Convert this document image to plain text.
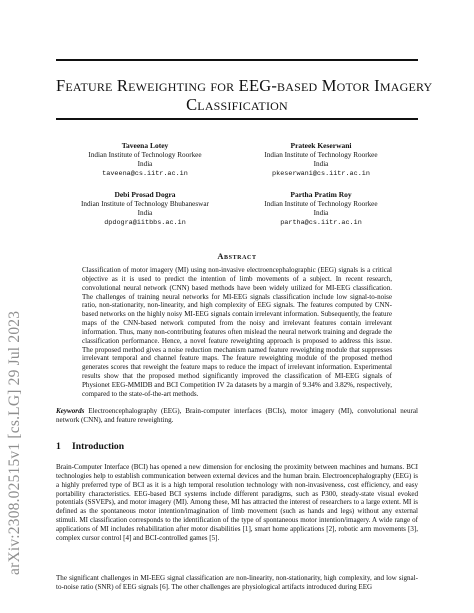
arXiv:2308.02515v1 [cs.LG] 29 Jul 2023
Feature Reweighting for EEG-based Motor Imagery
Classification
Taveena Lotey
Indian Institute of Technology Roorkee
India
taveena@cs.iitr.ac.in
Prateek Keserwani
Indian Institute of Technology Roorkee
India
pkeserwani@cs.iitr.ac.in
Debi Prosad Dogra
Indian Institute of Technology Bhubaneswar
India
dpdogra@iitbbs.ac.in
Partha Pratim Roy
Indian Institute of Technology Roorkee
India
partha@cs.iitr.ac.in
Abstract
Classification of motor imagery (MI) using non-invasive electroencephalographic (EEG) signals is a critical objective as it is used to predict the intention of limb movements of a subject. In recent research, convolutional neural network (CNN) based methods have been widely utilized for MI-EEG classification. The challenges of training neural networks for MI-EEG signals classification include low signal-to-noise ratio, non-stationarity, non-linearity, and high complexity of EEG signals. The features computed by CNN-based networks on the highly noisy MI-EEG signals contain irrelevant information. Subsequently, the feature maps of the CNN-based network computed from the noisy and irrelevant features contain irrelevant information. Thus, many non-contributing features often mislead the neural network training and degrade the classification performance. Hence, a novel feature reweighting approach is proposed to address this issue. The proposed method gives a noise reduction mechanism named feature reweighting module that suppresses irrelevant temporal and channel feature maps. The feature reweighting module of the proposed method generates scores that reweight the feature maps to reduce the impact of irrelevant information. Experimental results show that the proposed method significantly improved the classification of MI-EEG signals of Physionet EEG-MMIDB and BCI Competition IV 2a datasets by a margin of 9.34% and 3.82%, respectively, compared to the state-of-the-art methods.
Keywords Electroencephalography (EEG), Brain-computer interfaces (BCIs), motor imagery (MI), convolutional neural network (CNN), and feature reweighting.
1 Introduction
Brain-Computer Interface (BCI) has opened a new dimension for enclosing the proximity between machines and humans. BCI technologies help to establish communication between external devices and the human brain. Electroencephalography (EEG) is a highly preferred type of BCI as it is a high temporal resolution technology with non-invasiveness, cost efficiency, and easy portability characteristics. EEG-based BCI systems include different paradigms, such as P300, steady-state visual evoked potentials (SSVEPs), and motor imagery (MI). Among these, MI has attracted the interest of researchers to a large extent. MI is defined as the spontaneous motor intention/imagination of limb movement (such as hands and legs) without any external stimuli. MI classification corresponds to the identification of the type of spontaneous motor intention/imagery. A wide range of applications of MI includes rehabilitation after motor disabilities [1], smart home applications [2], robotic arm movements [3], complex cursor control [4] and BCI-controlled games [5].
The significant challenges in MI-EEG signal classification are non-linearity, non-stationarity, high complexity, and low signal-to-noise ratio (SNR) of EEG signals [6]. The other challenges are physiological artifacts introduced during EEG
